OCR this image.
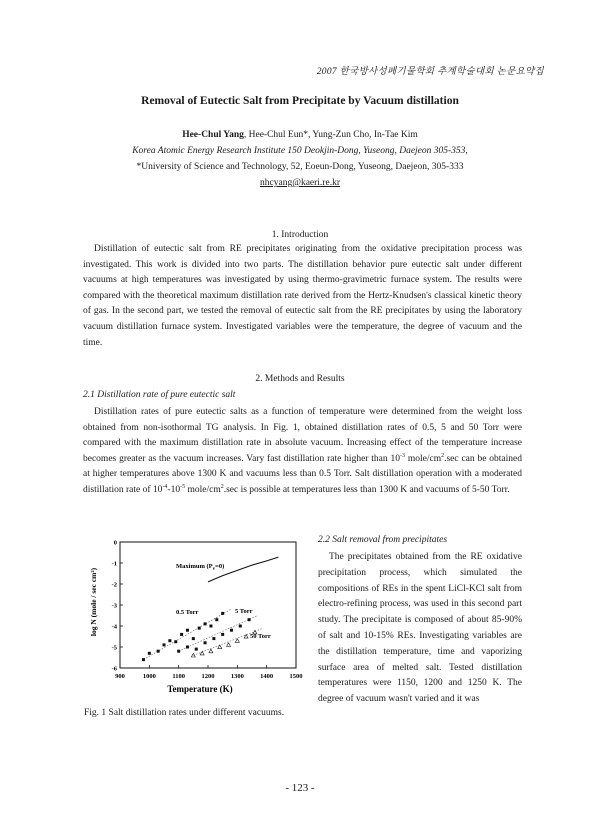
2007 한국방사성폐기물학회 추계학술대회 논문요약집
Removal of Eutectic Salt from Precipitate by Vacuum distillation
Hee-Chul Yang, Hee-Chul Eun*, Yung-Zun Cho, In-Tae Kim
Korea Atomic Energy Research Institute 150 Deokjin-Dong, Yuseong, Daejeon 305-353,
*University of Science and Technology, 52, Eoeun-Dong, Yuseong, Daejeon, 305-333
nhcyang@kaeri.re.kr
1. Introduction

Distillation of eutectic salt from RE precipitates originating from the oxidative precipitation process was investigated. This work is divided into two parts. The distillation behavior pure eutectic salt under different vacuums at high temperatures was investigated by using thermo-gravimetric furnace system. The results were compared with the theoretical maximum distillation rate derived from the Hertz-Knudsen's classical kinetic theory of gas. In the second part, we tested the removal of eutectic salt from the RE precipitates by using the laboratory vacuum distillation furnace system. Investigated variables were the temperature, the degree of vacuum and the time.

2. Methods and Results
2.1 Distillation rate of pure eutectic salt

Distillation rates of pure eutectic salts as a function of temperature were determined from the weight loss obtained from non-isothormal TG analysis. In Fig. 1, obtained distillation rates of 0.5, 5 and 50 Torr were compared with the maximum distillation rate in absolute vacuum. Increasing effect of the temperature increase becomes greater as the vacuum increases. Vary fast distillation rate higher than $10^{-3}$ mole/$cm^2.\sec$ can be obtained at higher temperatures above 1300 K and vacuums less than 0.5 Torr. Salt distillation operation with a moderated distillation rate of $10^{-4}-10^{-5}$ mole/$cm^2.\sec$ is possible at temperatures less than 1300 K and vacuums of 5-50 Torr.

2.2 Salt removal from precipitates

The precipitates obtained from the RE oxidative precipitation process, which simulated the compositions of REs in the spent LiCl-KCl salt from electro-refining process, was used in this second part study. The precipitate is composed of about 85-90% of salt and 10-15% REs. Investigating variables are the distillation temperature, time and vaporizing surface area of melted salt. Tested distillation temperatures were 1150, 1200 and 1250 K. The degree of vacuum wasn't varied and it was

900	1000	1100	1200	1300	1400	1500
0
-1
-2
-3
-4
-5
-6
Temperature (K)
log N (mole / sec cm²)
Maximum $(P_v=0)$
0.5 Torr	5 Torr
50 Torr
Fig. 1 Salt distillation rates under different vacuums.
- 123 -
